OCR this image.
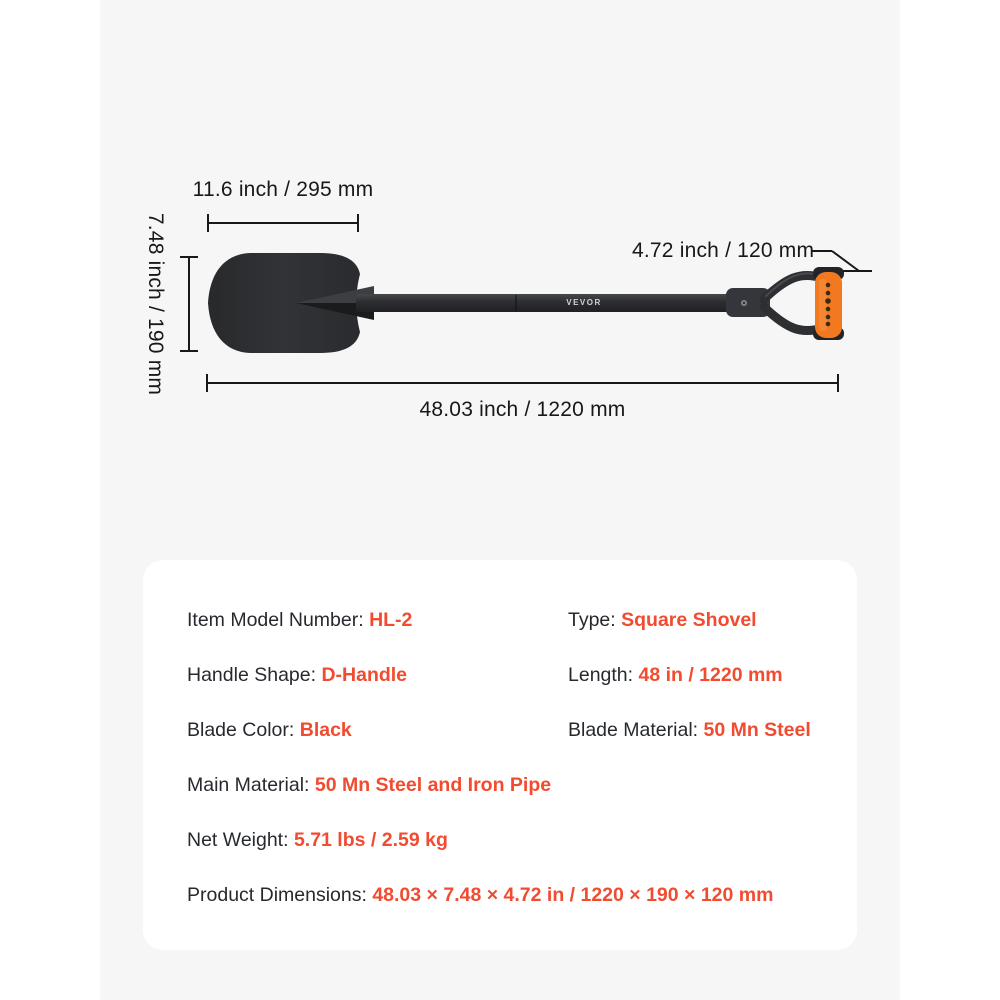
11.6 inch / 295 mm
7.48 inch / 190 mm	4.72 inch / 120 mm
48.03 inch / 1220 mm
VEVOR
Item Model Number: HL-2	Type: Square Shovel
Handle Shape: D-Handle	Length: 48 in / 1220 mm
Blade Color: Black	Blade Material: 50 Mn Steel
Main Material: 50 Mn Steel and Iron Pipe
Net Weight: 5.71 lbs / 2.59 kg
Product Dimensions: 48.03 × 7.48 × 4.72 in / 1220 × 190 × 120 mm
